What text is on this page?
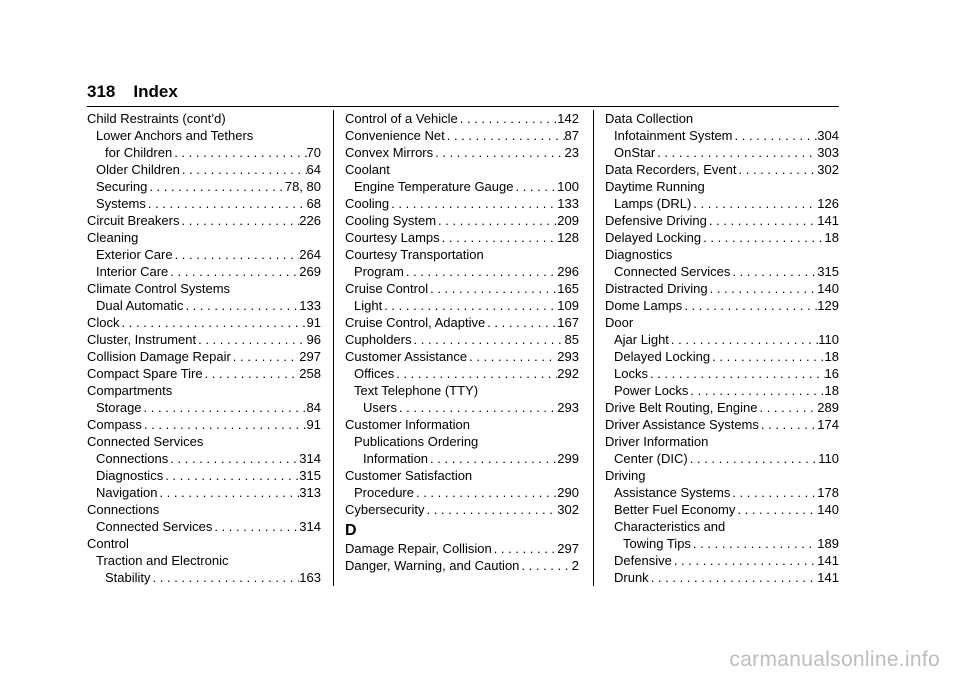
318 Index
Child Restraints (cont’d)
Lower Anchors and Tethers
for Children . . .	70
Older Children . . .	64
Securing . . .	78, 80
Systems . . .	68
Circuit Breakers . . .	226
Cleaning
Exterior Care . . .	264
Interior Care . . .	269
Climate Control Systems
Dual Automatic . . .	133
Clock . . .	91
Cluster, Instrument . . .	96
Collision Damage Repair . . .	297
Compact Spare Tire . . .	258
Compartments
Storage . . .	84
Compass . . .	91
Connected Services
Connections . . .	314
Diagnostics . . .	315
Navigation . . .	313
Connections
Connected Services . . .	314
Control
Traction and Electronic
Stability . . .	163
Control of a Vehicle . . .	142
Convenience Net . . .	87
Convex Mirrors . . .	23
Coolant
Engine Temperature Gauge . . .	100
Cooling . . .	133
Cooling System . . .	209
Courtesy Lamps . . .	128
Courtesy Transportation
Program . . .	296
Cruise Control . . .	165
Light . . .	109
Cruise Control, Adaptive . . .	167
Cupholders . . .	85
Customer Assistance . . .	293
Offices . . .	292
Text Telephone (TTY)
Users . . .	293
Customer Information
Publications Ordering
Information . . .	299
Customer Satisfaction
Procedure . . .	290
Cybersecurity . . .	302
D
Damage Repair, Collision . . .	297
Danger, Warning, and Caution . . .	2
Data Collection
Infotainment System . . .	304
OnStar . . .	303
Data Recorders, Event . . .	302
Daytime Running
Lamps (DRL) . . .	126
Defensive Driving . . .	141
Delayed Locking . . .	18
Diagnostics
Connected Services . . .	315
Distracted Driving . . .	140
Dome Lamps . . .	129
Door
Ajar Light . . .	110
Delayed Locking . . .	18
Locks . . .	16
Power Locks . . .	18
Drive Belt Routing, Engine . . .	289
Driver Assistance Systems . . .	174
Driver Information
Center (DIC) . . .	110
Driving
Assistance Systems . . .	178
Better Fuel Economy . . .	140
Characteristics and
Towing Tips . . .	189
Defensive . . .	141
Drunk . . .	141
carmanualsonline.info
